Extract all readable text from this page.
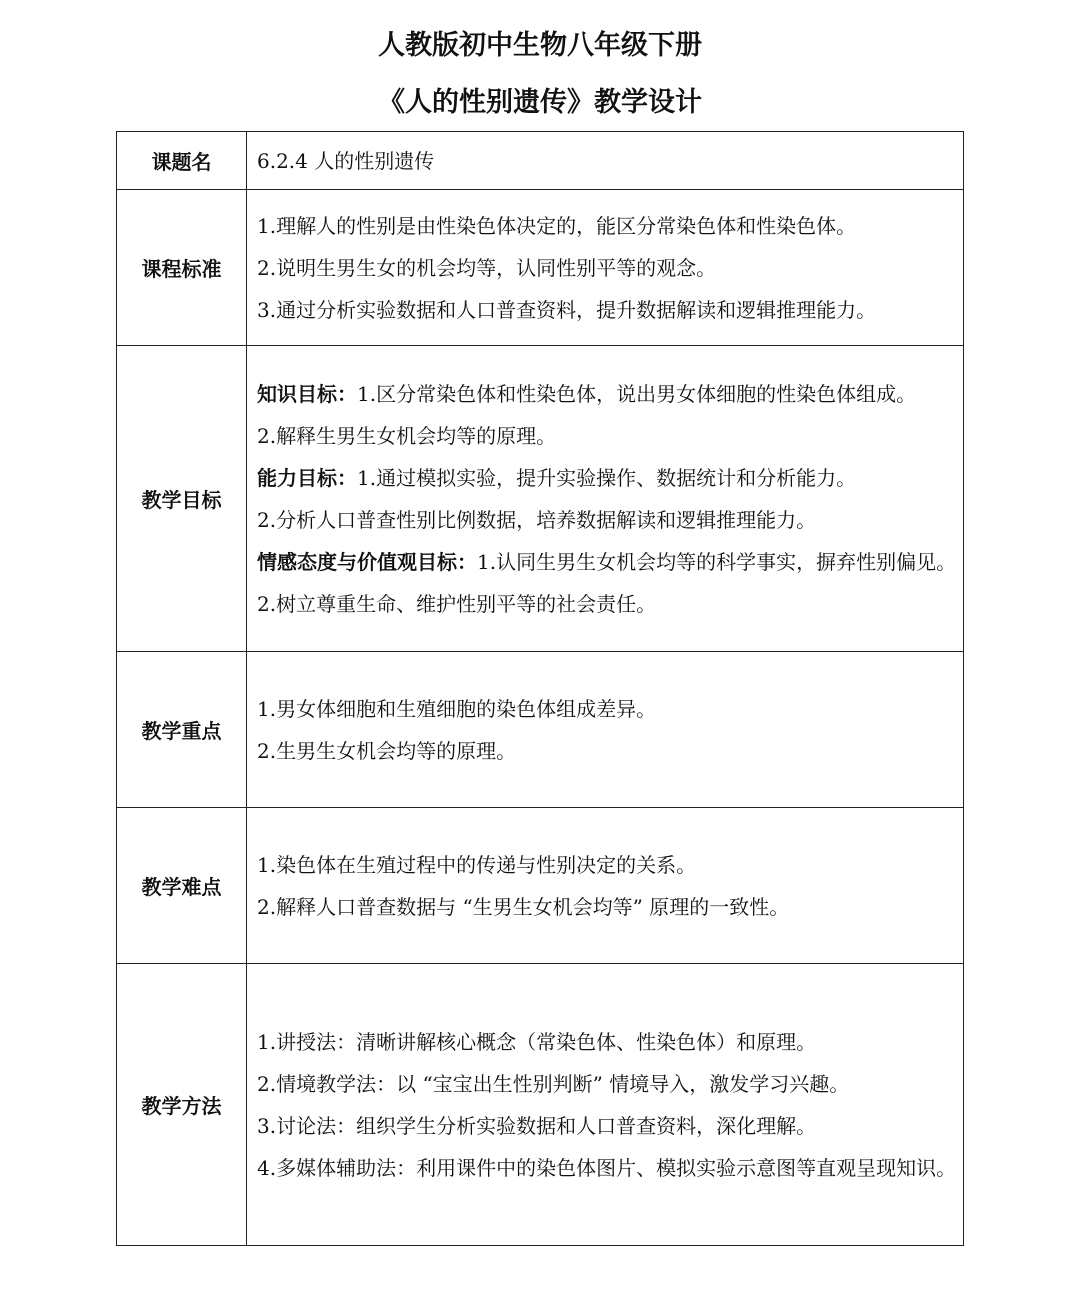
人教版初中生物八年级下册
《人的性别遗传》教学设计
课题名	6.2.4 人的性别遗传

课程标准	1.理解人的性别是由性染色体决定的，能区分常染色体和性染色体。
2.说明生男生女的机会均等，认同性别平等的观念。
3.通过分析实验数据和人口普查资料，提升数据解读和逻辑推理能力。

教学目标	知识目标：1.区分常染色体和性染色体，说出男女体细胞的性染色体组成。
2.解释生男生女机会均等的原理。
能力目标：1.通过模拟实验，提升实验操作、数据统计和分析能力。
2.分析人口普查性别比例数据，培养数据解读和逻辑推理能力。
情感态度与价值观目标：1.认同生男生女机会均等的科学事实，摒弃性别偏见。2.树立尊重生命、维护性别平等的社会责任。

教学重点	1.男女体细胞和生殖细胞的染色体组成差异。
2.生男生女机会均等的原理。

教学难点	1.染色体在生殖过程中的传递与性别决定的关系。
2.解释人口普查数据与 “生男生女机会均等” 原理的一致性。

教学方法	1.讲授法：清晰讲解核心概念（常染色体、性染色体）和原理。
2.情境教学法：以 “宝宝出生性别判断” 情境导入，激发学习兴趣。
3.讨论法：组织学生分析实验数据和人口普查资料，深化理解。
4.多媒体辅助法：利用课件中的染色体图片、模拟实验示意图等直观呈现知识。
